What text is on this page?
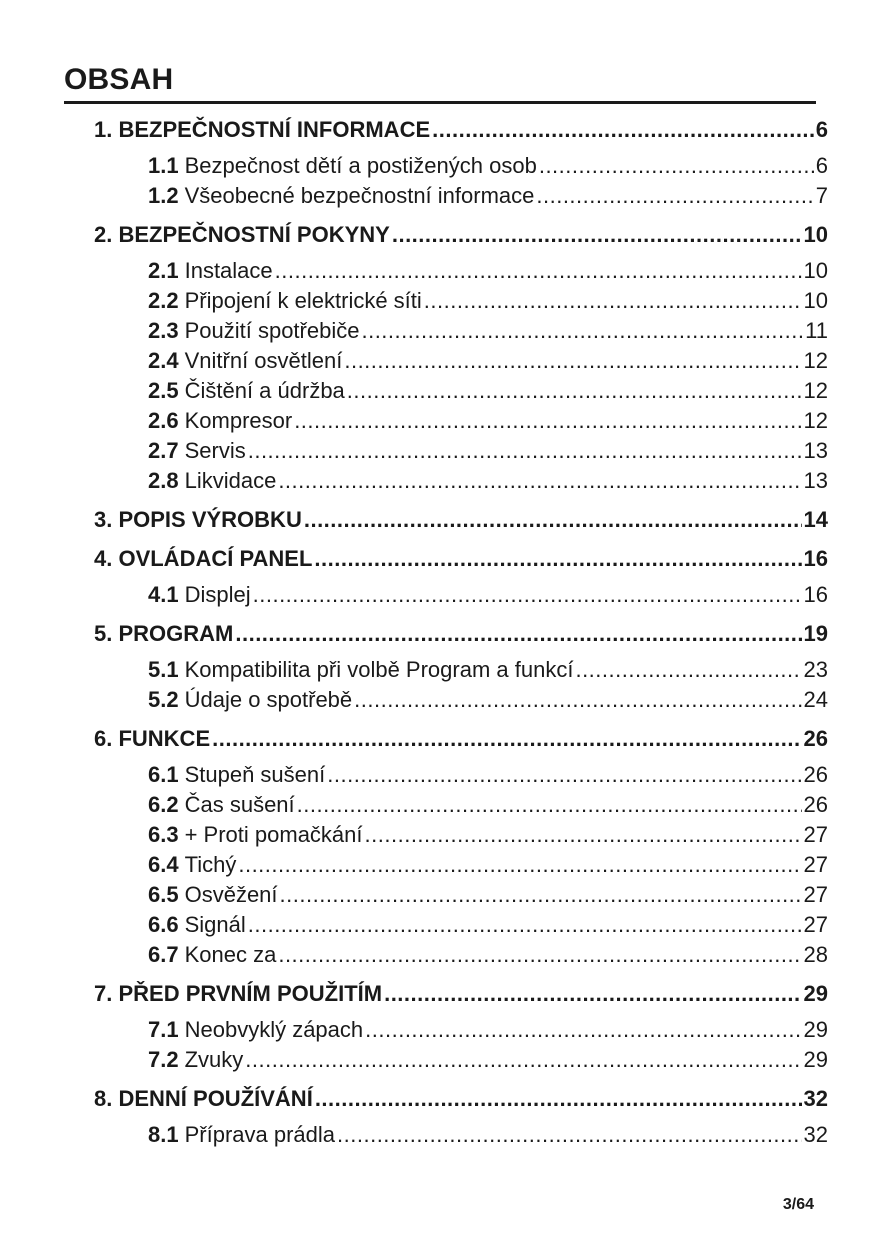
OBSAH
1. BEZPEČNOSTNÍ INFORMACE .....	6
1.1 Bezpečnost dětí a postižených osob .....	6
1.2 Všeobecné bezpečnostní informace .....	7
2. BEZPEČNOSTNÍ POKYNY .....	10
2.1 Instalace .....	10
2.2 Připojení k elektrické síti .....	10
2.3 Použití spotřebiče .....	11
2.4 Vnitřní osvětlení .....	12
2.5 Čištění a údržba .....	12
2.6 Kompresor .....	12
2.7 Servis .....	13
2.8 Likvidace .....	13
3. POPIS VÝROBKU .....	14
4. OVLÁDACÍ PANEL .....	16
4.1 Displej .....	16
5. PROGRAM .....	19
5.1 Kompatibilita při volbě Program a funkcí .....	23
5.2 Údaje o spotřebě .....	24
6. FUNKCE .....	26
6.1 Stupeň sušení .....	26
6.2 Čas sušení .....	26
6.3 + Proti pomačkání .....	27
6.4 Tichý .....	27
6.5 Osvěžení .....	27
6.6 Signál .....	27
6.7 Konec za .....	28
7. PŘED PRVNÍM POUŽITÍM .....	29
7.1 Neobvyklý zápach .....	29
7.2 Zvuky .....	29
8. DENNÍ POUŽÍVÁNÍ .....	32
8.1 Příprava prádla .....	32
3/64
